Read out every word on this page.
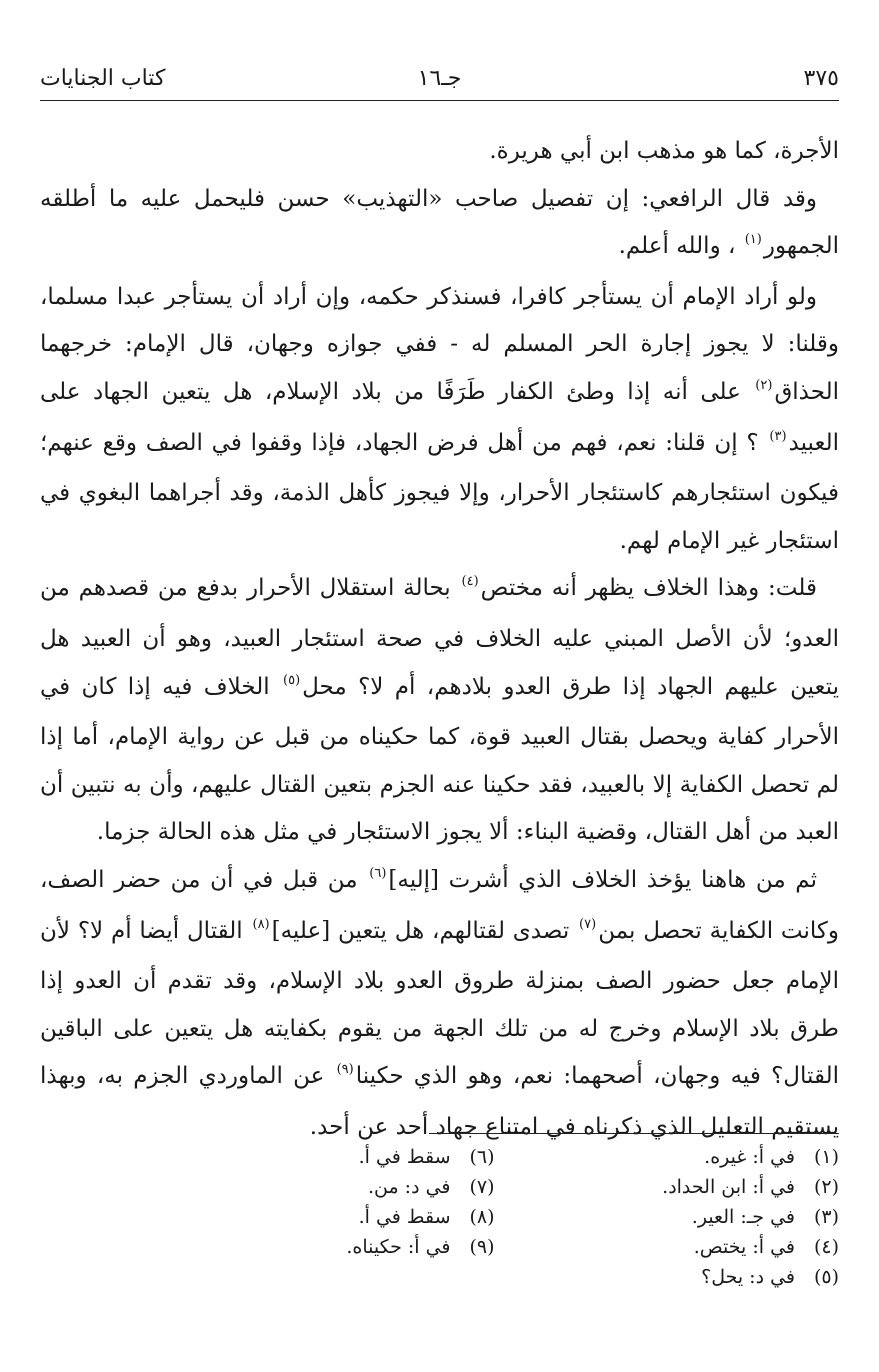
٣٧٥
جـ١٦
كتاب الجنايات

الأجرة، كما هو مذهب ابن أبي هريرة.

وقد قال الرافعي: إن تفصيل صاحب «التهذيب» حسن فليحمل عليه ما أطلقه الجمهور$^{(١)}$ ، والله أعلم.

ولو أراد الإمام أن يستأجر كافرا، فسنذكر حكمه، وإن أراد أن يستأجر عبدا مسلما، وقلنا: لا يجوز إجارة الحر المسلم له - ففي جوازه وجهان، قال الإمام: خرجهما الحذاق$^{(٢)}$ على أنه إذا وطئ الكفار طَرَفًا من بلاد الإسلام، هل يتعين الجهاد على العبيد$^{(٣)}$ ؟ إن قلنا: نعم، فهم من أهل فرض الجهاد، فإذا وقفوا في الصف وقع عنهم؛ فيكون استئجارهم كاستئجار الأحرار، وإلا فيجوز كأهل الذمة، وقد أجراهما البغوي في استئجار غير الإمام لهم.

قلت: وهذا الخلاف يظهر أنه مختص$^{(٤)}$ بحالة استقلال الأحرار بدفع من قصدهم من العدو؛ لأن الأصل المبني عليه الخلاف في صحة استئجار العبيد، وهو أن العبيد هل يتعين عليهم الجهاد إذا طرق العدو بلادهم، أم لا؟ محل$^{(٥)}$ الخلاف فيه إذا كان في الأحرار كفاية ويحصل بقتال العبيد قوة، كما حكيناه من قبل عن رواية الإمام، أما إذا لم تحصل الكفاية إلا بالعبيد، فقد حكينا عنه الجزم بتعين القتال عليهم، وأن به نتبين أن العبد من أهل القتال، وقضية البناء: ألا يجوز الاستئجار في مثل هذه الحالة جزما.

ثم من هاهنا يؤخذ الخلاف الذي أشرت [إليه]$^{(٦)}$ من قبل في أن من حضر الصف، وكانت الكفاية تحصل بمن$^{(٧)}$ تصدى لقتالهم، هل يتعين [عليه]$^{(٨)}$ القتال أيضا أم لا؟ لأن الإمام جعل حضور الصف بمنزلة طروق العدو بلاد الإسلام، وقد تقدم أن العدو إذا طرق بلاد الإسلام وخرج له من تلك الجهة من يقوم بكفايته هل يتعين على الباقين القتال؟ فيه وجهان، أصحهما: نعم، وهو الذي حكينا$^{(٩)}$ عن الماوردي الجزم به، وبهذا يستقيم التعليل الذي ذكرناه في امتناع جهاد أحد عن أحد.

(١)في أ: غيره.
(٢)في أ: ابن الحداد.
(٣)في جـ: العير.
(٤)في أ: يختص.
(٥)في د: يحل؟
(٦)سقط في أ.
(٧)في د: من.
(٨)سقط في أ.
(٩)في أ: حكيناه.
